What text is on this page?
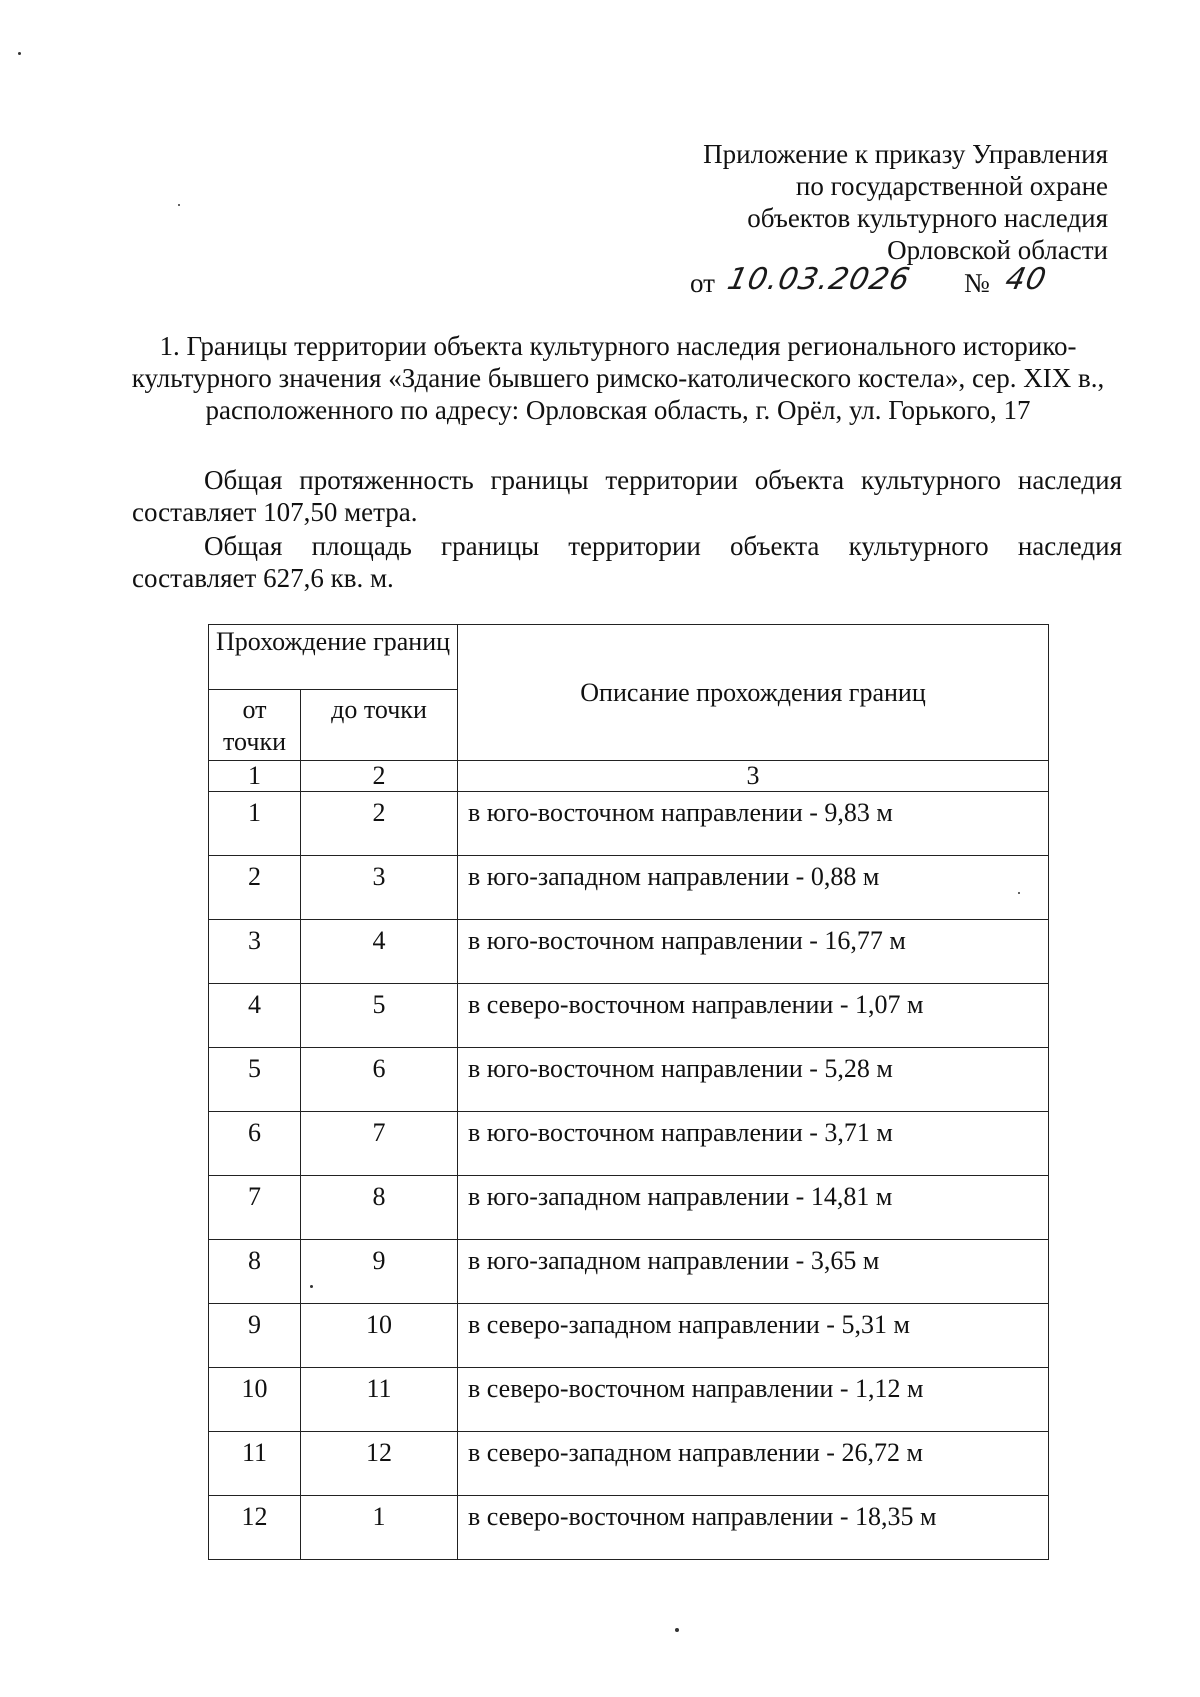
Приложение к приказу Управления
по государственной охране
объектов культурного наследия
Орловской области
от 10.03.2026 № 40
1. Границы территории объекта культурного наследия регионального историко-
культурного значения «Здание бывшего римско-католического костела», сер. XIX в.,
расположенного по адресу: Орловская область, г. Орёл, ул. Горького, 17
Общая протяженность границы территории объекта культурного наследия
составляет 107,50 метра.
Общая площадь границы территории объекта культурного наследия
составляет 627,6 кв. м.
Прохождение границ		Описание прохождения границ
от точки	до точки	
1	2	3
1	2	в юго-восточном направлении - 9,83 м
2	3	в юго-западном направлении - 0,88 м
3	4	в юго-восточном направлении - 16,77 м
4	5	в северо-восточном направлении - 1,07 м
5	6	в юго-восточном направлении - 5,28 м
6	7	в юго-восточном направлении - 3,71 м
7	8	в юго-западном направлении - 14,81 м
8	9	в юго-западном направлении - 3,65 м
9	10	в северо-западном направлении - 5,31 м
10	11	в северо-восточном направлении - 1,12 м
11	12	в северо-западном направлении - 26,72 м
12	1	в северо-восточном направлении - 18,35 м
